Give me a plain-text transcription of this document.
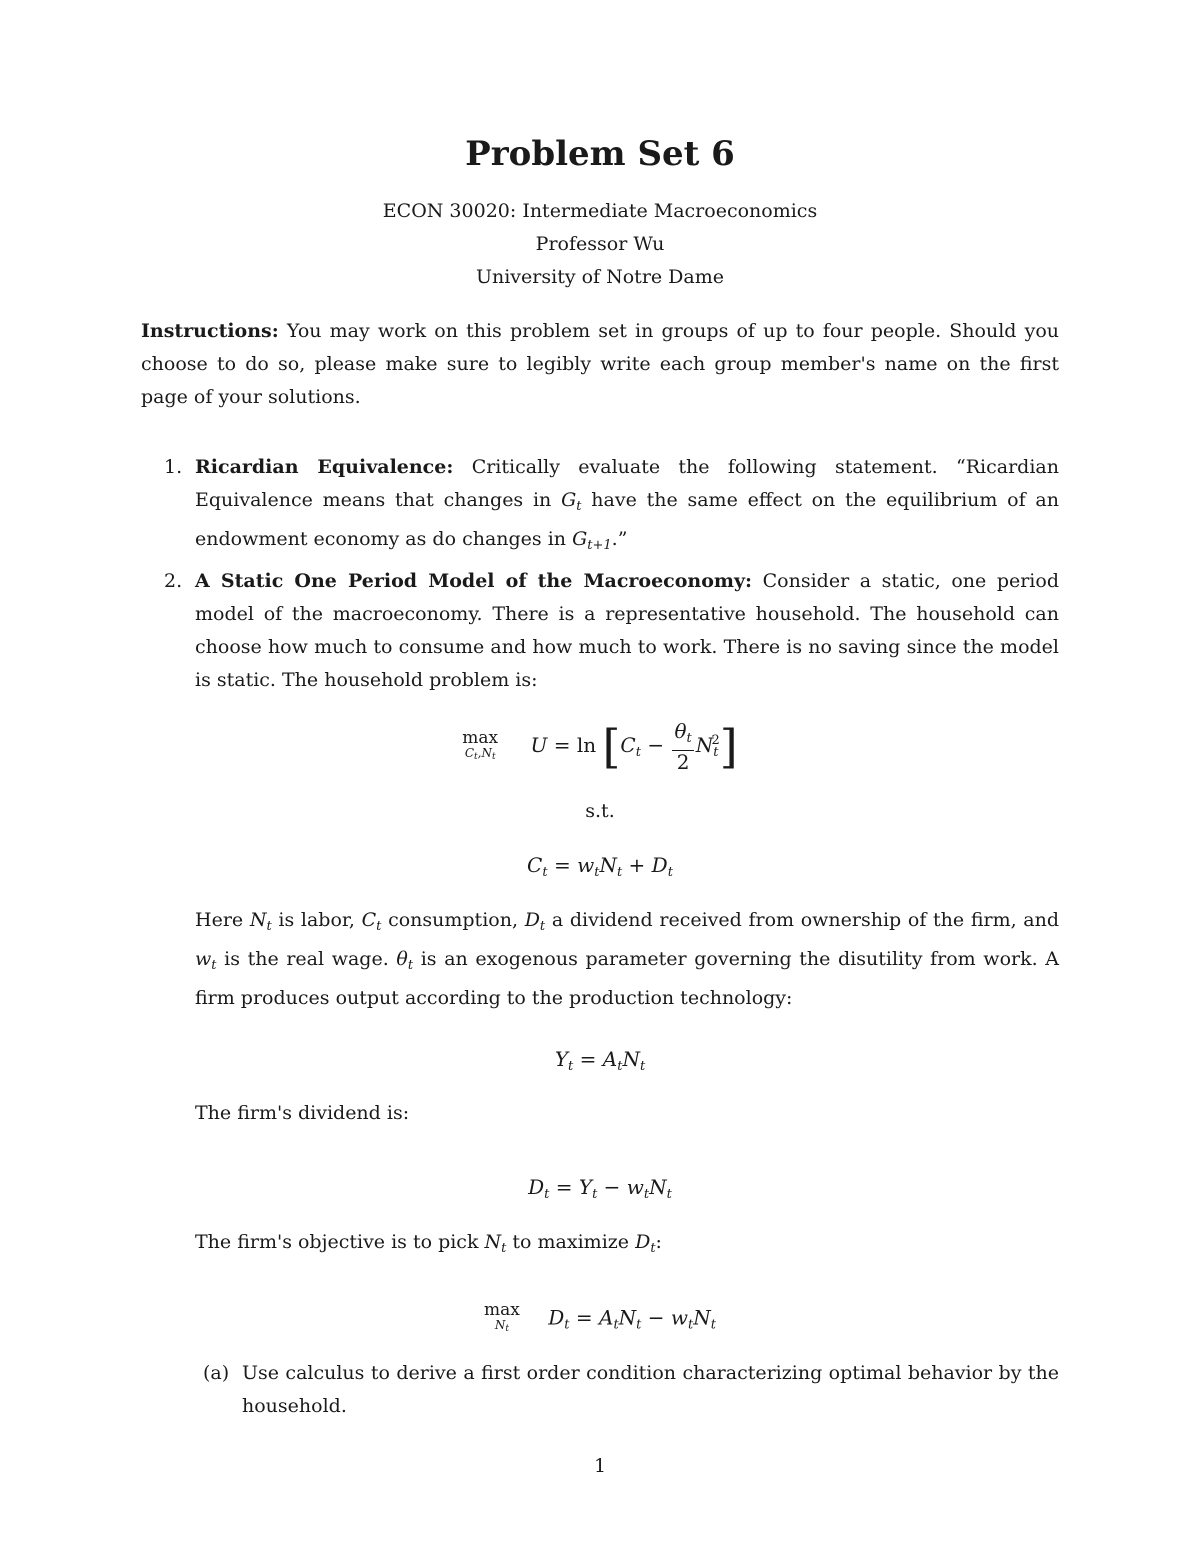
Problem Set 6
ECON 30020: Intermediate Macroeconomics
Professor Wu
University of Notre Dame
Instructions: You may work on this problem set in groups of up to four people. Should you choose to do so, please make sure to legibly write each group member's name on the first page of your solutions.
1. Ricardian Equivalence: Critically evaluate the following statement. “Ricardian Equivalence means that changes in $G_t$ have the same effect on the equilibrium of an endowment economy as do changes in $G_{t+1}$.”
2. A Static One Period Model of the Macroeconomy: Consider a static, one period model of the macroeconomy. There is a representative household. The household can choose how much to consume and how much to work. There is no saving since the model is static. The household problem is:
max
$C_t,N_t$ $U = \ln [C_t - \frac{\theta_t}{2} N_t^2]$
s.t.
$C_t = w_tN_t + D_t$
Here $N_t$ is labor, $C_t$ consumption, $D_t$ a dividend received from ownership of the firm, and $w_t$ is the real wage. $\theta_t$ is an exogenous parameter governing the disutility from work. A firm produces output according to the production technology:
$Y_t = A_tN_t$
The firm's dividend is:
$D_t = Y_t - w_tN_t$
The firm's objective is to pick $N_t$ to maximize $D_t$:
max
$N_t$	$D_t = A_tN_t - w_tN_t$
(a) Use calculus to derive a first order condition characterizing optimal behavior by the household.
1
